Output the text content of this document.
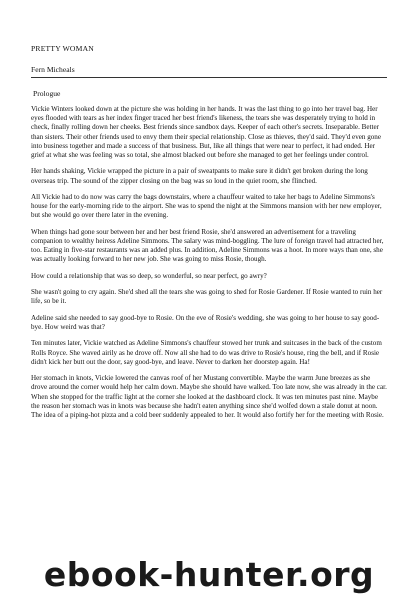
PRETTY WOMAN
Fern Micheals
Prologue

Vickie Winters looked down at the picture she was holding in her hands. It was the last thing to go into her travel bag. Her eyes flooded with tears as her index finger traced her best friend's likeness, the tears she was desperately trying to hold in check, finally rolling down her cheeks. Best friends since sandbox days. Keeper of each other's secrets. Inseparable. Better than sisters. Their other friends used to envy them their special relationship. Close as thieves, they'd said. They'd even gone into business together and made a success of that business. But, like all things that were near to perfect, it had ended. Her grief at what she was feeling was so total, she almost blacked out before she managed to get her feelings under control.

Her hands shaking, Vickie wrapped the picture in a pair of sweatpants to make sure it didn't get broken during the long overseas trip. The sound of the zipper closing on the bag was so loud in the quiet room, she flinched.

All Vickie had to do now was carry the bags downstairs, where a chauffeur waited to take her bags to Adeline Simmons's house for the early-morning ride to the airport. She was to spend the night at the Simmons mansion with her new employer, but she would go over there later in the evening.

When things had gone sour between her and her best friend Rosie, she'd answered an advertisement for a traveling companion to wealthy heiress Adeline Simmons. The salary was mind-boggling. The lure of foreign travel had attracted her, too. Eating in five-star restaurants was an added plus. In addition, Adeline Simmons was a hoot. In more ways than one, she was actually looking forward to her new job. She was going to miss Rosie, though.

How could a relationship that was so deep, so wonderful, so near perfect, go awry?

She wasn't going to cry again. She'd shed all the tears she was going to shed for Rosie Gardener. If Rosie wanted to ruin her life, so be it.

Adeline said she needed to say good-bye to Rosie. On the eve of Rosie's wedding, she was going to her house to say good-bye. How weird was that?

Ten minutes later, Vickie watched as Adeline Simmons's chauffeur stowed her trunk and suitcases in the back of the custom Rolls Royce. She waved airily as he drove off. Now all she had to do was drive to Rosie's house, ring the bell, and if Rosie didn't kick her butt out the door, say good-bye, and leave. Never to darken her doorstep again. Ha!

Her stomach in knots, Vickie lowered the canvas roof of her Mustang convertible. Maybe the warm June breezes as she drove around the corner would help her calm down. Maybe she should have walked. Too late now, she was already in the car. When she stopped for the traffic light at the corner she looked at the dashboard clock. It was ten minutes past nine. Maybe the reason her stomach was in knots was because she hadn't eaten anything since she'd wolfed down a stale donut at noon. The idea of a piping-hot pizza and a cold beer suddenly appealed to her. It would also fortify her for the meeting with Rosie.

ebook-hunter.org
